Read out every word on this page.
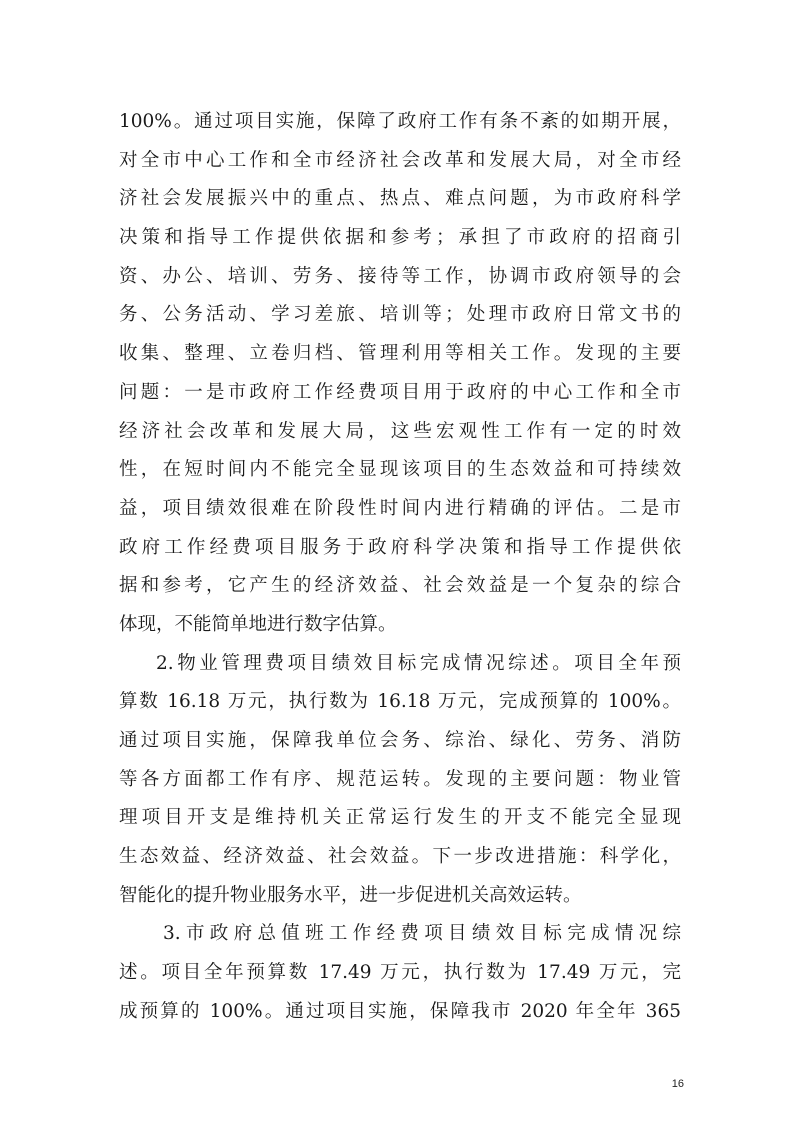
100%。通过项目实施，保障了政府工作有条不紊的如期开展，
对全市中心工作和全市经济社会改革和发展大局，对全市经
济社会发展振兴中的重点、热点、难点问题，为市政府科学
决策和指导工作提供依据和参考；承担了市政府的招商引
资、办公、培训、劳务、接待等工作，协调市政府领导的会
务、公务活动、学习差旅、培训等；处理市政府日常文书的
收集、整理、立卷归档、管理利用等相关工作。发现的主要
问题：一是市政府工作经费项目用于政府的中心工作和全市
经济社会改革和发展大局，这些宏观性工作有一定的时效
性，在短时间内不能完全显现该项目的生态效益和可持续效
益，项目绩效很难在阶段性时间内进行精确的评估。二是市
政府工作经费项目服务于政府科学决策和指导工作提供依
据和参考，它产生的经济效益、社会效益是一个复杂的综合
体现，不能简单地进行数字估算。
2.物业管理费项目绩效目标完成情况综述。项目全年预
算数 16.18 万元，执行数为 16.18 万元，完成预算的 100%。
通过项目实施，保障我单位会务、综治、绿化、劳务、消防
等各方面都工作有序、规范运转。发现的主要问题：物业管
理项目开支是维持机关正常运行发生的开支不能完全显现
生态效益、经济效益、社会效益。下一步改进措施：科学化，
智能化的提升物业服务水平，进一步促进机关高效运转。
3.市政府总值班工作经费项目绩效目标完成情况综
述。项目全年预算数 17.49 万元，执行数为 17.49 万元，完
成预算的 100%。通过项目实施，保障我市 2020 年全年 365
16
